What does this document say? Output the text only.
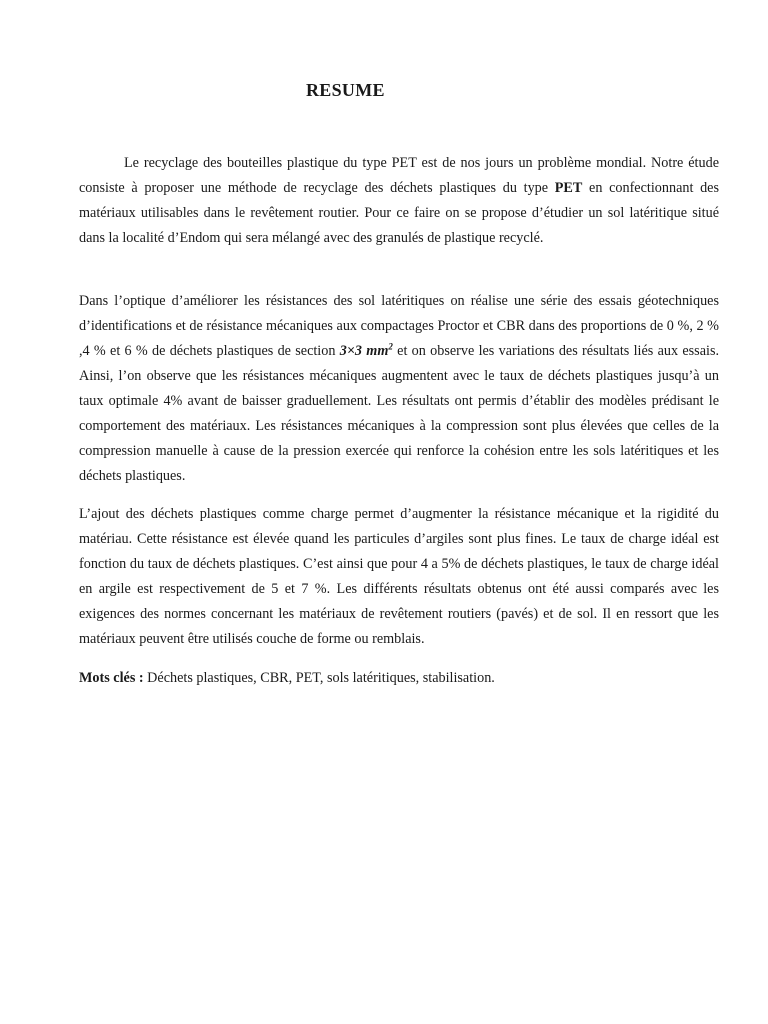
RESUME

Le recyclage des bouteilles plastique du type PET est de nos jours un problème mondial. Notre étude consiste à proposer une méthode de recyclage des déchets plastiques du type PET en confectionnant des matériaux utilisables dans le revêtement routier. Pour ce faire on se propose d’étudier un sol latéritique situé dans la localité d’Endom qui sera mélangé avec des granulés de plastique recyclé.

Dans l’optique d’améliorer les résistances des sol latéritiques on réalise une série des essais géotechniques d’identifications et de résistance mécaniques aux compactages Proctor et CBR dans des proportions de 0 %, 2 % ,4 % et 6 % de déchets plastiques de section 3×3 $mm^2$ et on observe les variations des résultats liés aux essais. Ainsi, l’on observe que les résistances mécaniques augmentent avec le taux de déchets plastiques jusqu’à un taux optimale 4% avant de baisser graduellement. Les résultats ont permis d’établir des modèles prédisant le comportement des matériaux. Les résistances mécaniques à la compression sont plus élevées que celles de la compression manuelle à cause de la pression exercée qui renforce la cohésion entre les sols latéritiques et les déchets plastiques.

L’ajout des déchets plastiques comme charge permet d’augmenter la résistance mécanique et la rigidité du matériau. Cette résistance est élevée quand les particules d’argiles sont plus fines. Le taux de charge idéal est fonction du taux de déchets plastiques. C’est ainsi que pour 4 a 5% de déchets plastiques, le taux de charge idéal en argile est respectivement de 5 et 7 %. Les différents résultats obtenus ont été aussi comparés avec les exigences des normes concernant les matériaux de revêtement routiers (pavés) et de sol. Il en ressort que les matériaux peuvent être utilisés couche de forme ou remblais.

Mots clés : Déchets plastiques, CBR, PET, sols latéritiques, stabilisation.
